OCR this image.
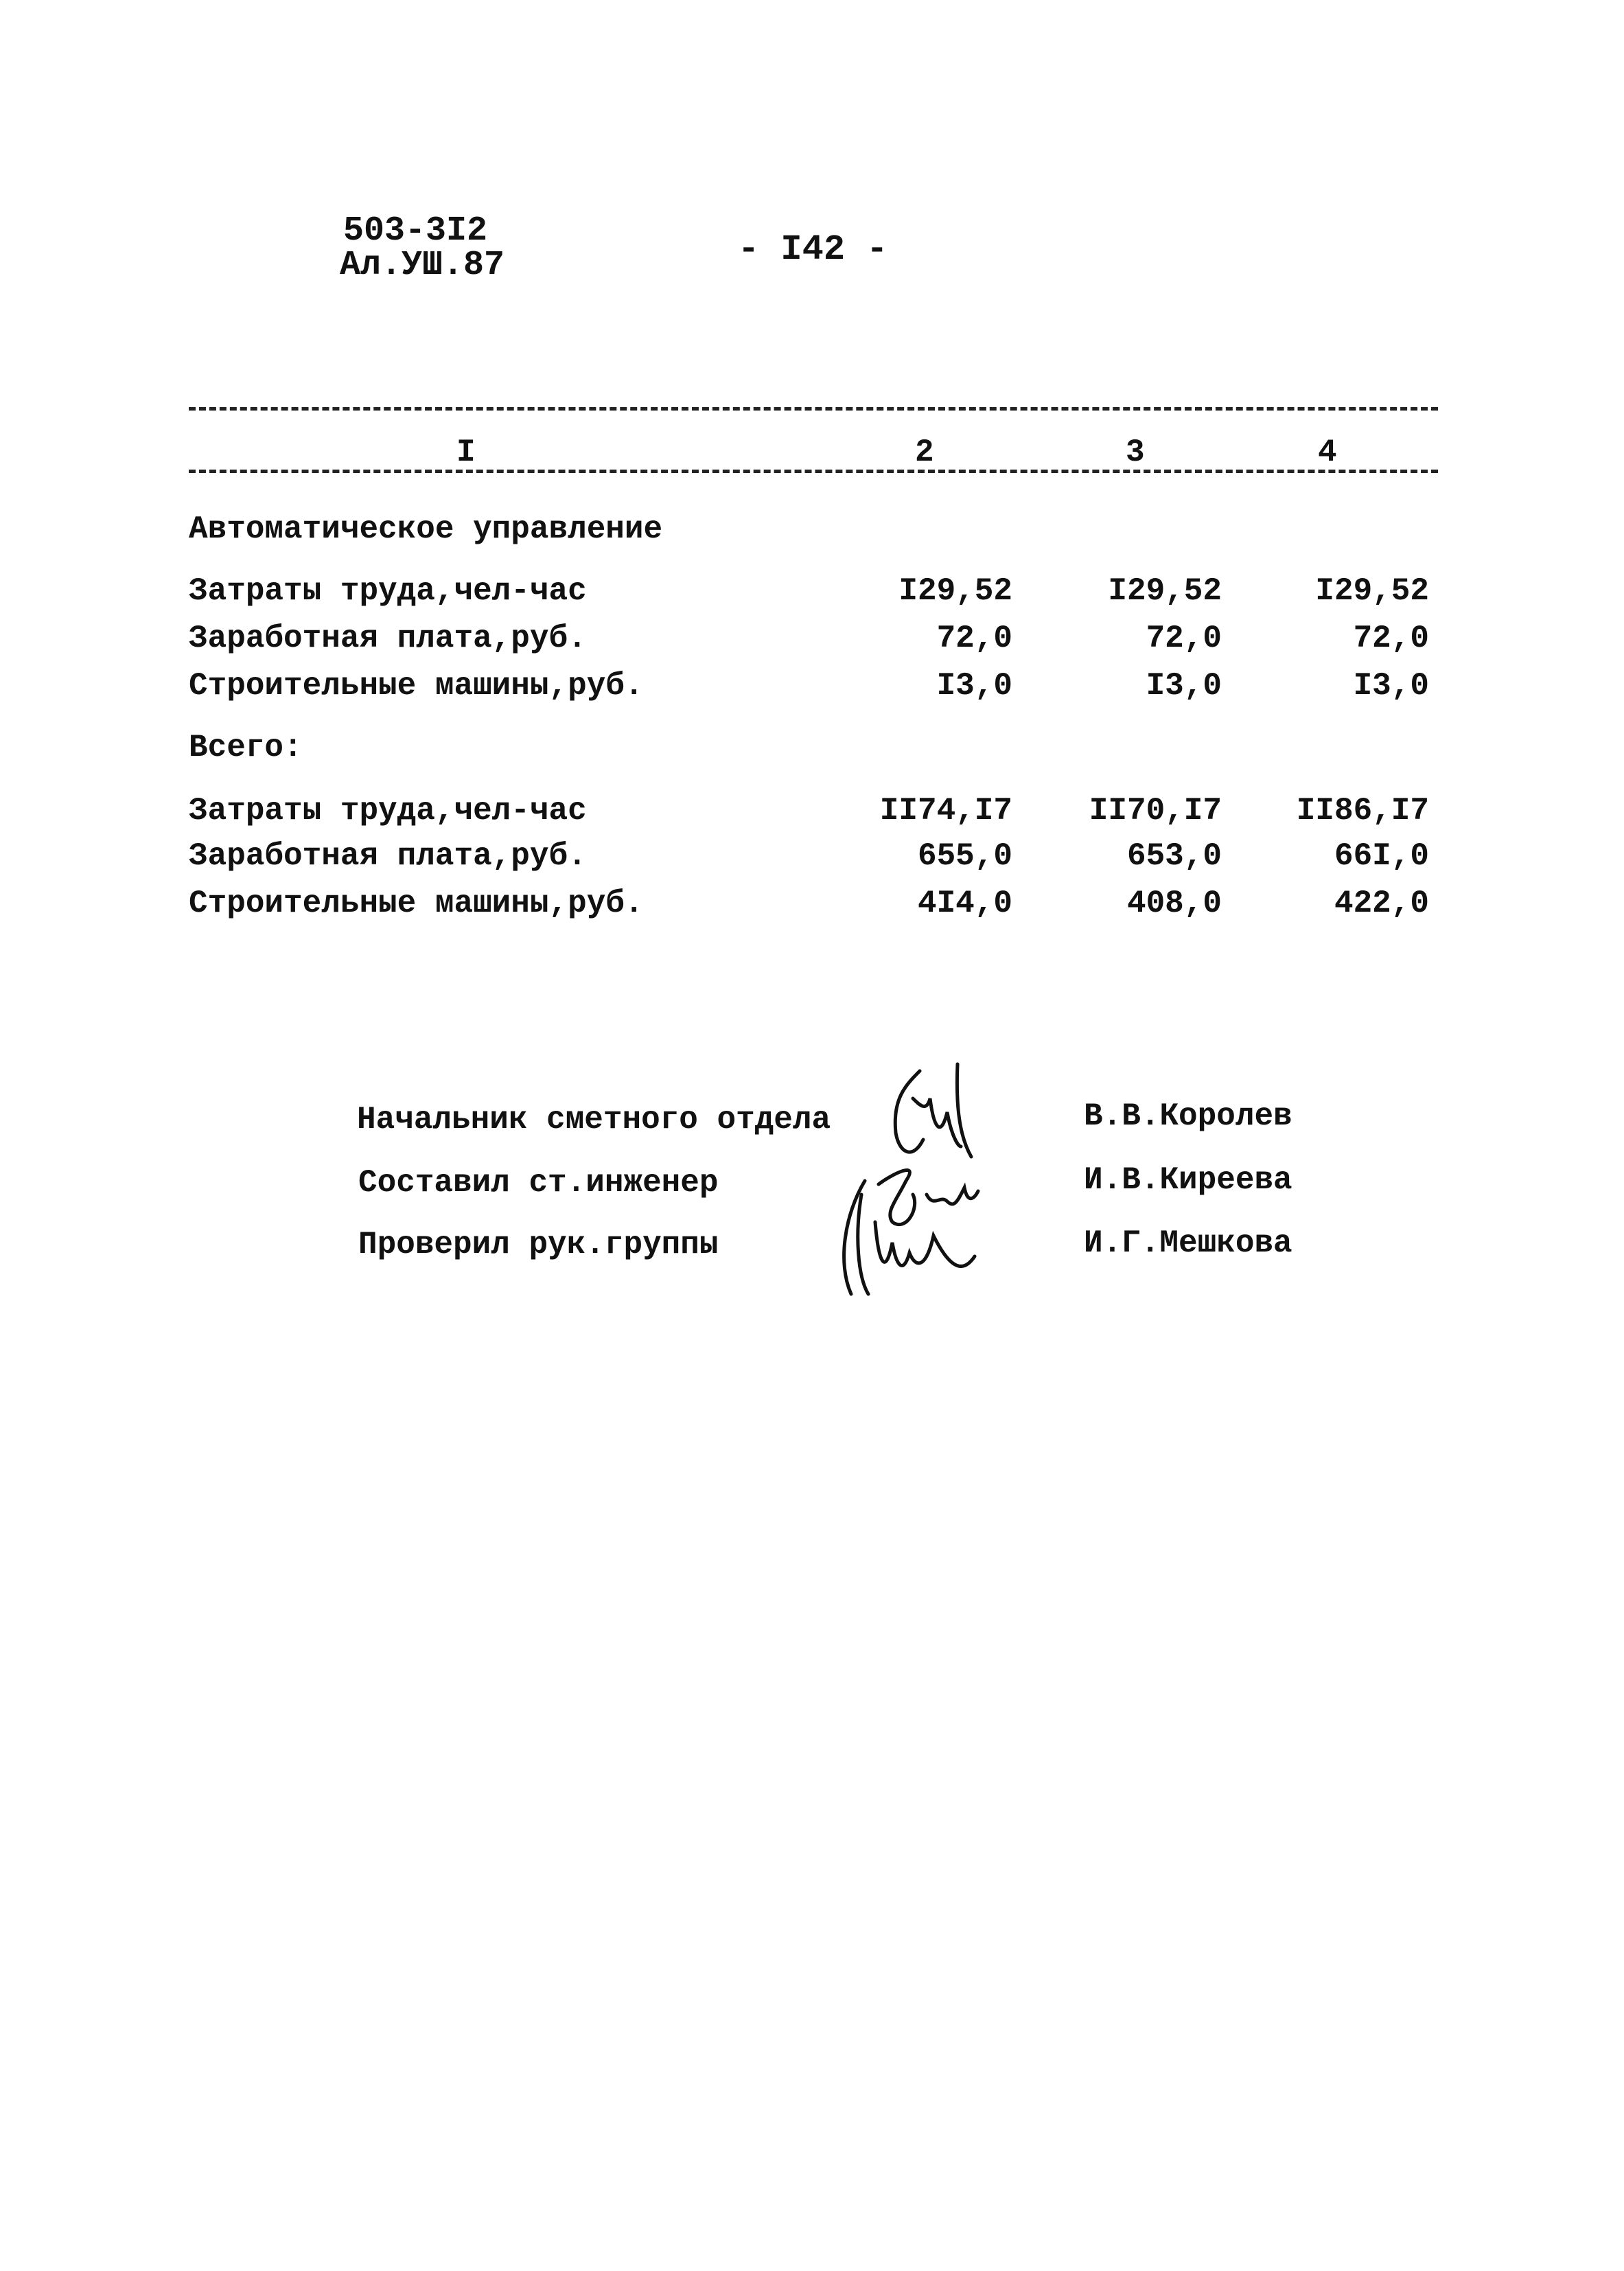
503-3I2
Ал.УШ.87	- I42 -
I	2	3	4
Автоматическое управление
Затраты труда,чел-час	I29,52	I29,52	I29,52
Заработная плата,руб.	72,0	72,0	72,0
Строительные машины,руб.	I3,0	I3,0	I3,0
Всего:
Затраты труда,чел-час	II74,I7	II70,I7	II86,I7
Заработная плата,руб.	655,0	653,0	66I,0
Строительные машины,руб.	4I4,0	408,0	422,0
Начальник сметного отдела	В.В.Королев
Составил ст.инженер	И.В.Киреева
Проверил рук.группы	И.Г.Мешкова
